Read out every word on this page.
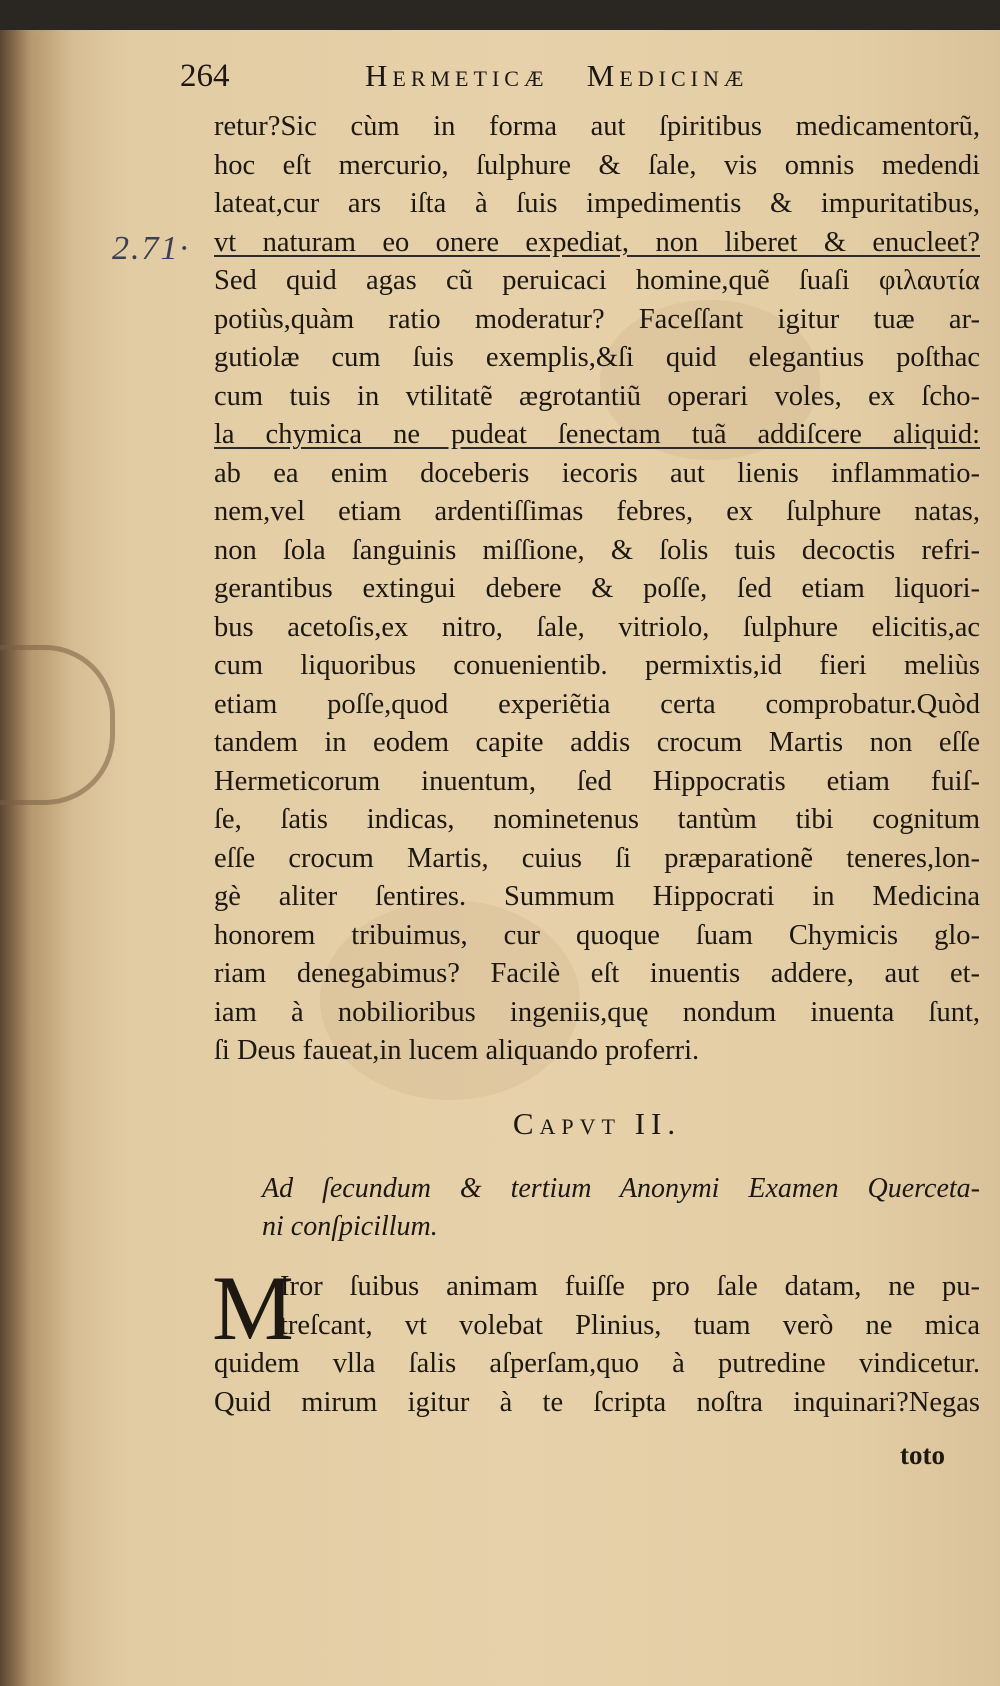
264	Hermeticæ   Medicinæ
2.71·
retur?Sic cùm in forma aut ſpiritibus medicamentorũ,
hoc eſt mercurio, ſulphure & ſale, vis omnis medendi
lateat,cur ars iſta à ſuis impedimentis & impuritatibus,
vt naturam eo onere expediat, non liberet & enucleet?
Sed quid agas cũ peruicaci homine,quẽ ſuaſi φιλαυτία
potiùs,quàm ratio moderatur? Faceſſant igitur tuæ ar-
gutiolæ cum ſuis exemplis,&ſi quid elegantius poſthac
cum tuis in vtilitatẽ ægrotantiũ operari voles, ex ſcho-
la chymica ne pudeat ſenectam tuã addiſcere aliquid:
ab ea enim doceberis iecoris aut lienis inflammatio-
nem,vel etiam ardentiſſimas febres, ex ſulphure natas,
non ſola ſanguinis miſſione, & ſolis tuis decoctis refri-
gerantibus extingui debere & poſſe, ſed etiam liquori-
bus acetoſis,ex nitro, ſale, vitriolo, ſulphure elicitis,ac
cum liquoribus conuenientib. permixtis,id fieri meliùs
etiam poſſe,quod experiẽtia certa comprobatur.Quòd
tandem in eodem capite addis crocum Martis non eſſe
Hermeticorum inuentum, ſed Hippocratis etiam fuiſ-
ſe, ſatis indicas, nominetenus tantùm tibi cognitum
eſſe crocum Martis, cuius ſi præparationẽ teneres,lon-
gè aliter ſentires. Summum Hippocrati in Medicina
honorem tribuimus, cur quoque ſuam Chymicis glo-
riam denegabimus? Facilè eſt inuentis addere, aut et-
iam à nobilioribus ingeniis,quę nondum inuenta ſunt,
ſi Deus faueat,in lucem aliquando proferri.
Capvt II.
Ad ſecundum & tertium Anonymi Examen Querceta-
ni conſpicillum.
M
Iror ſuibus animam fuiſſe pro ſale datam, ne pu-
treſcant, vt volebat Plinius, tuam verò ne mica
quidem vlla ſalis aſperſam,quo à putredine vindicetur.
Quid mirum igitur à te ſcripta noſtra inquinari?Negas
toto
